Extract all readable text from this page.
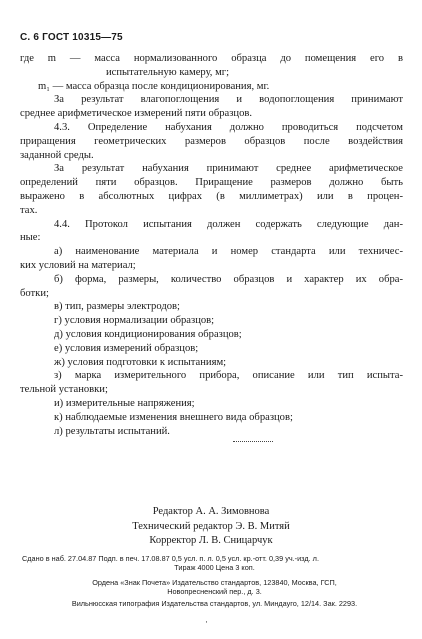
С. 6 ГОСТ 10315—75
где m — масса нормализованного образца до помещения его в
испытательную камеру, мг;
m₁ — масса образца после кондиционирования, мг.
За результат влагопоглощения и водопоглощения принимают
среднее арифметическое измерений пяти образцов.
4.3. Определение набухания должно проводиться подсчетом
приращения геометрических размеров образцов после воздействия
заданной среды.
За результат набухания принимают среднее арифметическое
определений пяти образцов. Приращение размеров должно быть
выражено в абсолютных цифрах (в миллиметрах) или в процен-
тах.
4.4. Протокол испытания должен содержать следующие дан-
ные:
а) наименование материала и номер стандарта или техничес-
ких условий на материал;
б) форма, размеры, количество образцов и характер их обра-
ботки;
в) тип, размеры электродов;
г) условия нормализации образцов;
д) условия кондиционирования образцов;
е) условия измерений образцов;
ж) условия подготовки к испытаниям;
з) марка измерительного прибора, описание или тип испыта-
тельной установки;
и) измерительные напряжения;
к) наблюдаемые изменения внешнего вида образцов;
л) результаты испытаний.
Редактор А. А. Зимовнова
Технический редактор Э. В. Митяй
Корректор Л. В. Сницарчук
Сдано в наб. 27.04.87 Подп. в печ. 17.08.87 0,5 усл. п. л. 0,5 усл. кр.-отт. 0,39 уч.-изд. л.
Тираж 4000 Цена 3 коп.
Ордена «Знак Почета» Издательство стандартов, 123840, Москва, ГСП,
Новопресненский пер., д. 3.
Вильнюсская типография Издательства стандартов, ул. Миндауго, 12/14. Зак. 2293.
·
